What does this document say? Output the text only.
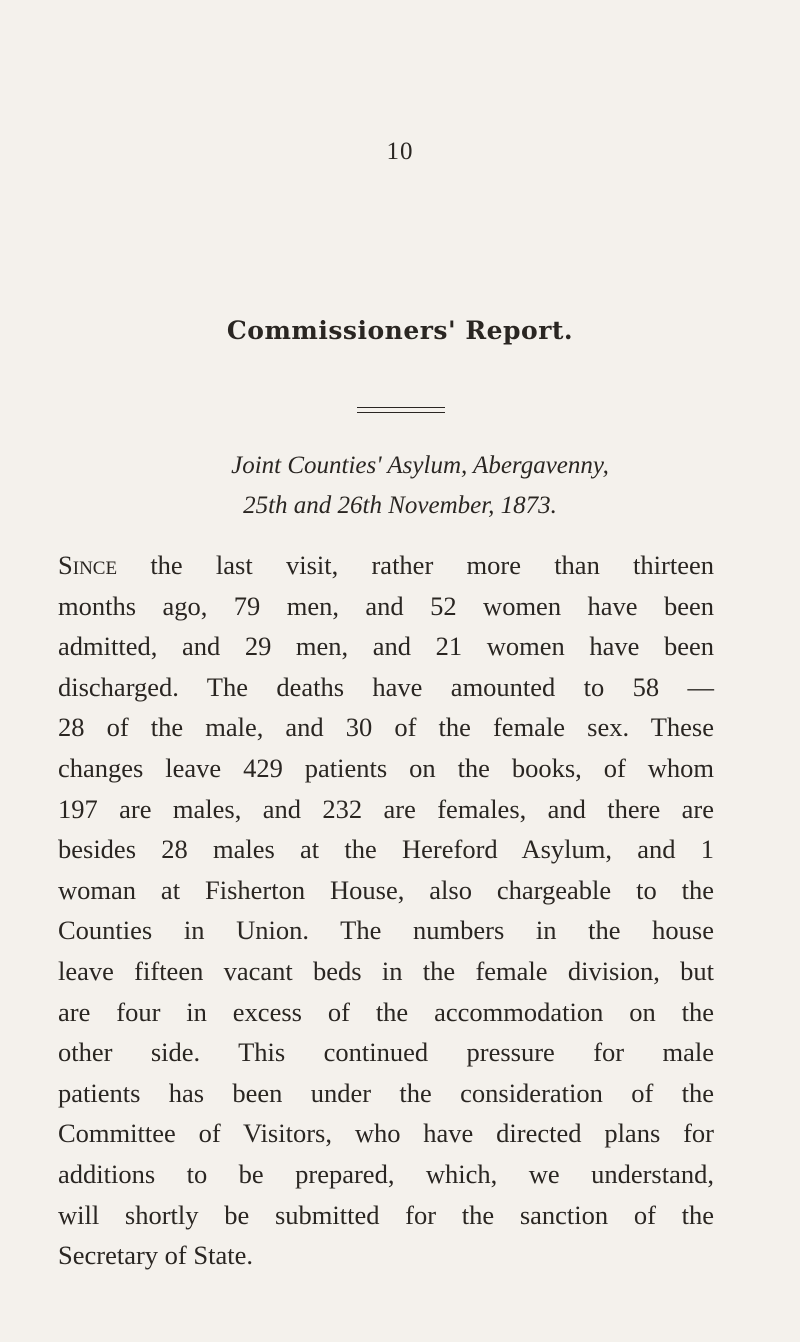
10
Commissioners' Report.
Joint Counties' Asylum, Abergavenny,
25th and 26th November, 1873.
Since the last visit, rather more than thirteen
months ago, 79 men, and 52 women have been
admitted, and 29 men, and 21 women have been
discharged. The deaths have amounted to 58 —
28 of the male, and 30 of the female sex. These
changes leave 429 patients on the books, of whom
197 are males, and 232 are females, and there are
besides 28 males at the Hereford Asylum, and 1
woman at Fisherton House, also chargeable to the
Counties in Union. The numbers in the house
leave fifteen vacant beds in the female division, but
are four in excess of the accommodation on the
other side. This continued pressure for male
patients has been under the consideration of the
Committee of Visitors, who have directed plans for
additions to be prepared, which, we understand,
will shortly be submitted for the sanction of the
Secretary of State.
